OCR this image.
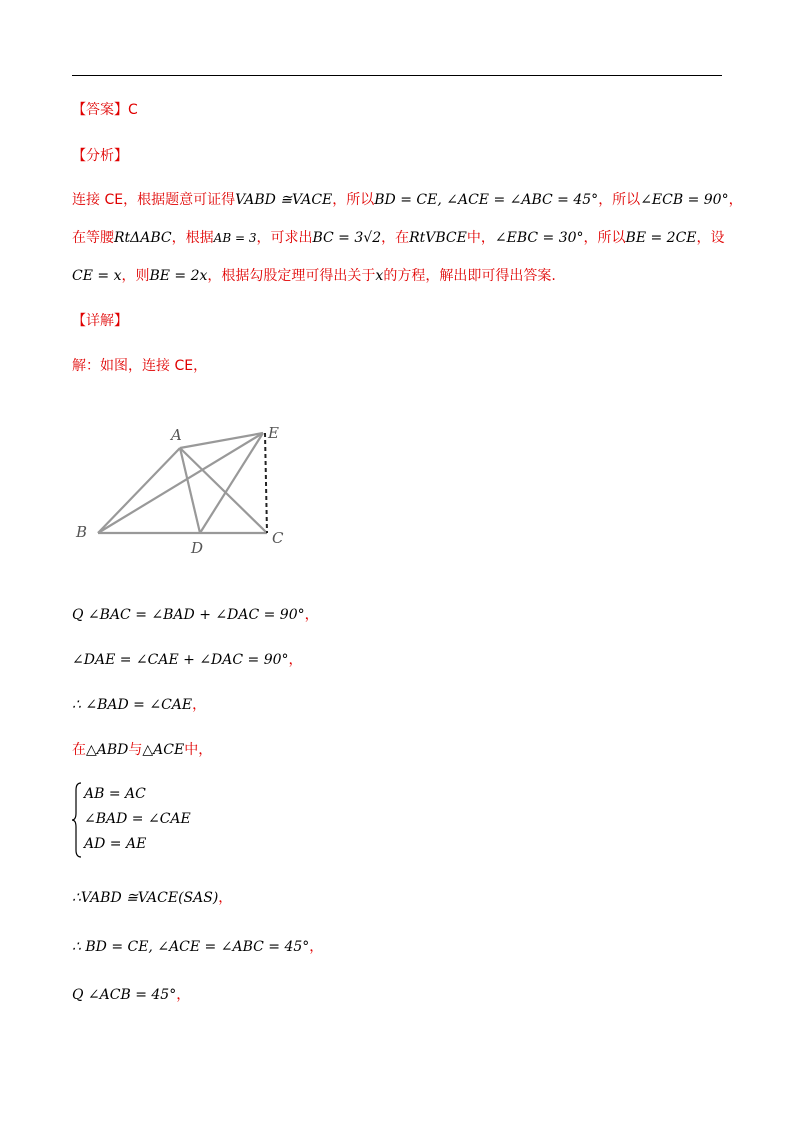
【答案】C
【分析】
连接 CE，根据题意可证得VABD ≅VACE，所以BD = CE, ∠ACE = ∠ABC = 45°，所以∠ECB = 90°，
在等腰RtΔABC，根据AB = 3，可求出BC = 3√2，在RtVBCE中，∠EBC = 30°，所以BE = 2CE，设
CE = x，则BE = 2x，根据勾股定理可得出关于x的方程，解出即可得出答案.
【详解】
解：如图，连接 CE，
A
B	C
D
E
Q ∠BAC = ∠BAD + ∠DAC = 90°，
∠DAE = ∠CAE + ∠DAC = 90°，
∴ ∠BAD = ∠CAE，
在△ABD与△ACE中，
AB = AC
∠BAD = ∠CAE
AD = AE
∴VABD ≅VACE(SAS)，
∴ BD = CE, ∠ACE = ∠ABC = 45°，
Q ∠ACB = 45°，
